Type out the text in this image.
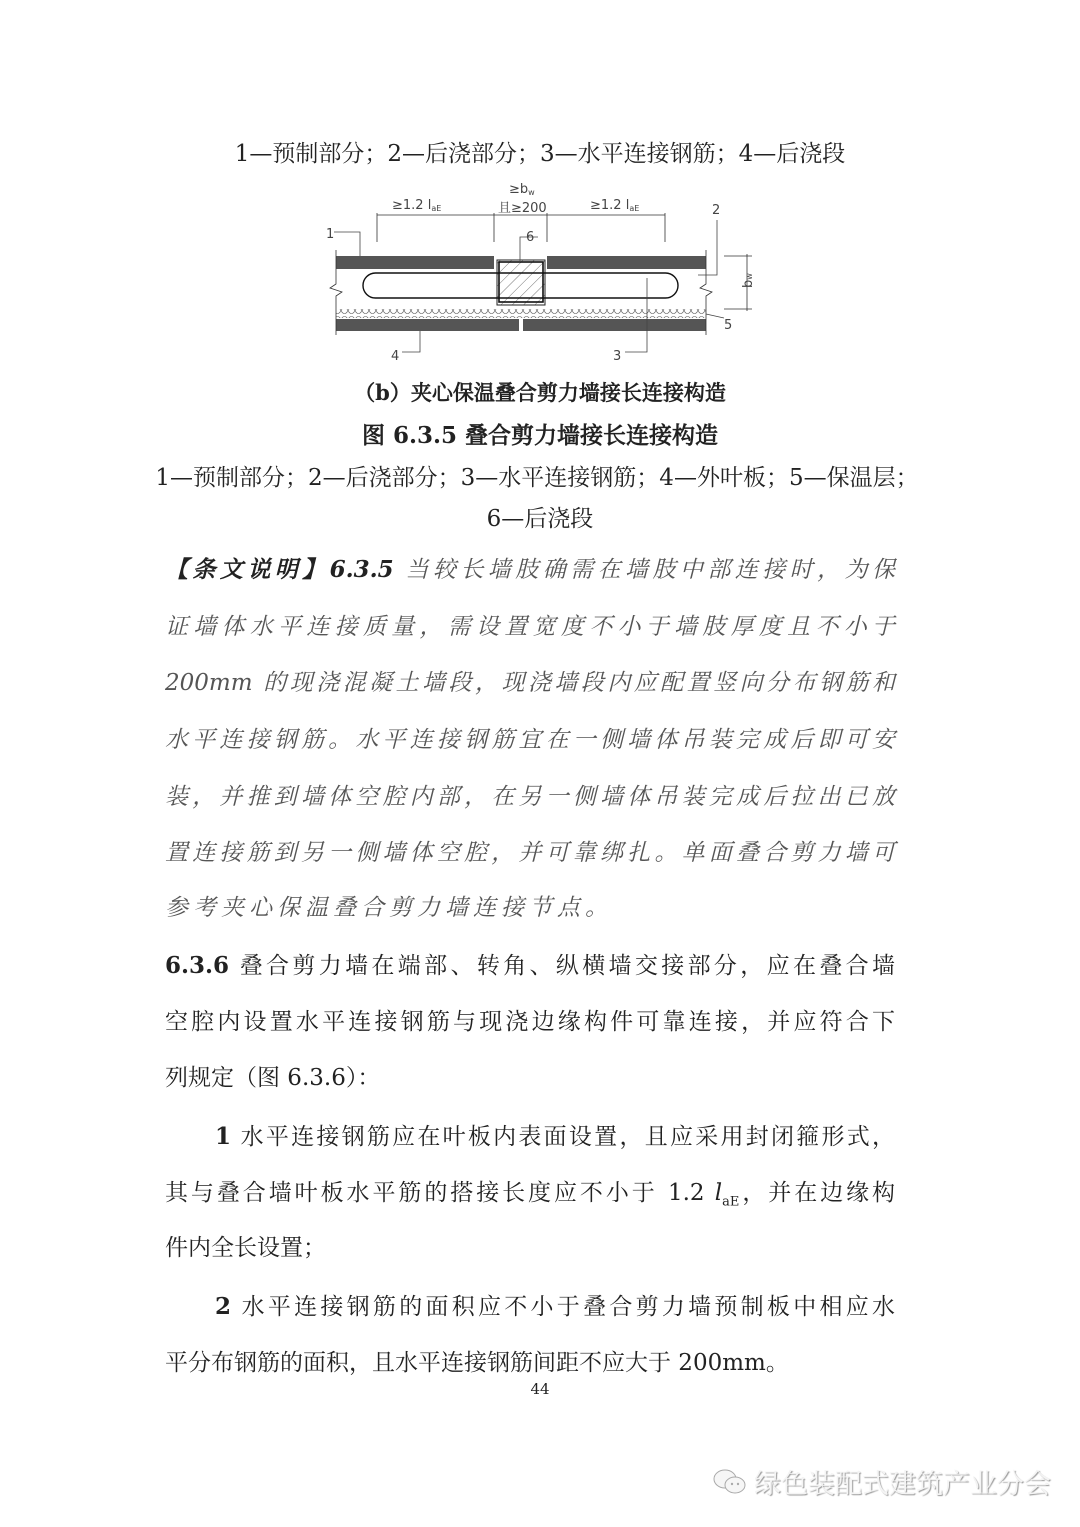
1—预制部分；2—后浇部分；3—水平连接钢筋；4—后浇段
≥1.2 laE	≥1.2 laE
≥bw
且≥200
bw
1
2
3
4
5
6
（b）夹心保温叠合剪力墙接长连接构造
图 6.3.5 叠合剪力墙接长连接构造
1—预制部分；2—后浇部分；3—水平连接钢筋；4—外叶板；5—保温层；
6—后浇段
【条文说明】6.3.5 当较长墙肢确需在墙肢中部连接时，为保
证墙体水平连接质量，需设置宽度不小于墙肢厚度且不小于
200mm 的现浇混凝土墙段，现浇墙段内应配置竖向分布钢筋和
水平连接钢筋。水平连接钢筋宜在一侧墙体吊装完成后即可安
装，并推到墙体空腔内部，在另一侧墙体吊装完成后拉出已放
置连接筋到另一侧墙体空腔，并可靠绑扎。单面叠合剪力墙可
参考夹心保温叠合剪力墙连接节点。
6.3.6 叠合剪力墙在端部、转角、纵横墙交接部分，应在叠合墙
空腔内设置水平连接钢筋与现浇边缘构件可靠连接，并应符合下
列规定（图 6.3.6）：
1 水平连接钢筋应在叶板内表面设置，且应采用封闭箍形式，
其与叠合墙叶板水平筋的搭接长度应不小于 1.2 $l_{aE}$，并在边缘构
件内全长设置；
2 水平连接钢筋的面积应不小于叠合剪力墙预制板中相应水
平分布钢筋的面积，且水平连接钢筋间距不应大于 200mm。
44
绿色装配式建筑产业分会
